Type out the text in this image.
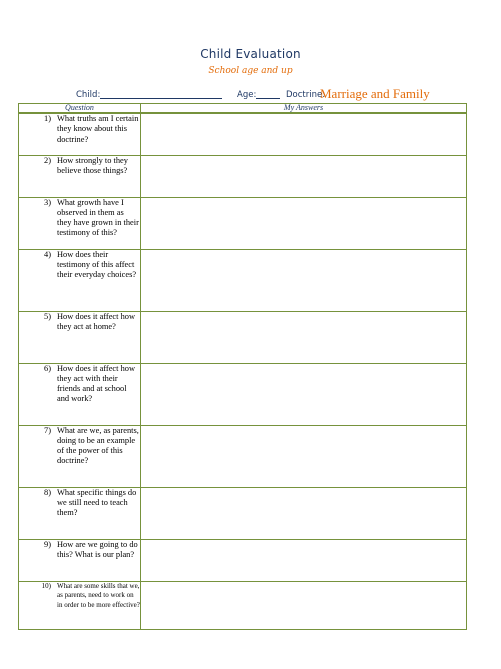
Child Evaluation
School age and up
Child:	Age:	Doctrine:
Marriage and Family
Question	My Answers

1) What truths am I certain they know about this doctrine?	

2) How strongly to they believe those things?	

3) What growth have I observed in them as they have grown in their testimony of this?	

4) How does their testimony of this affect their everyday choices?	

5) How does it affect how they act at home?	

6) How does it affect how they act with their friends and at school and work?	

7) What are we, as parents, doing to be an example of the power of this doctrine?	

8) What specific things do we still need to teach them?	

9) How are we going to do this? What is our plan?	

10) What are some skills that we, as parents, need to work on in order to be more effective?	
